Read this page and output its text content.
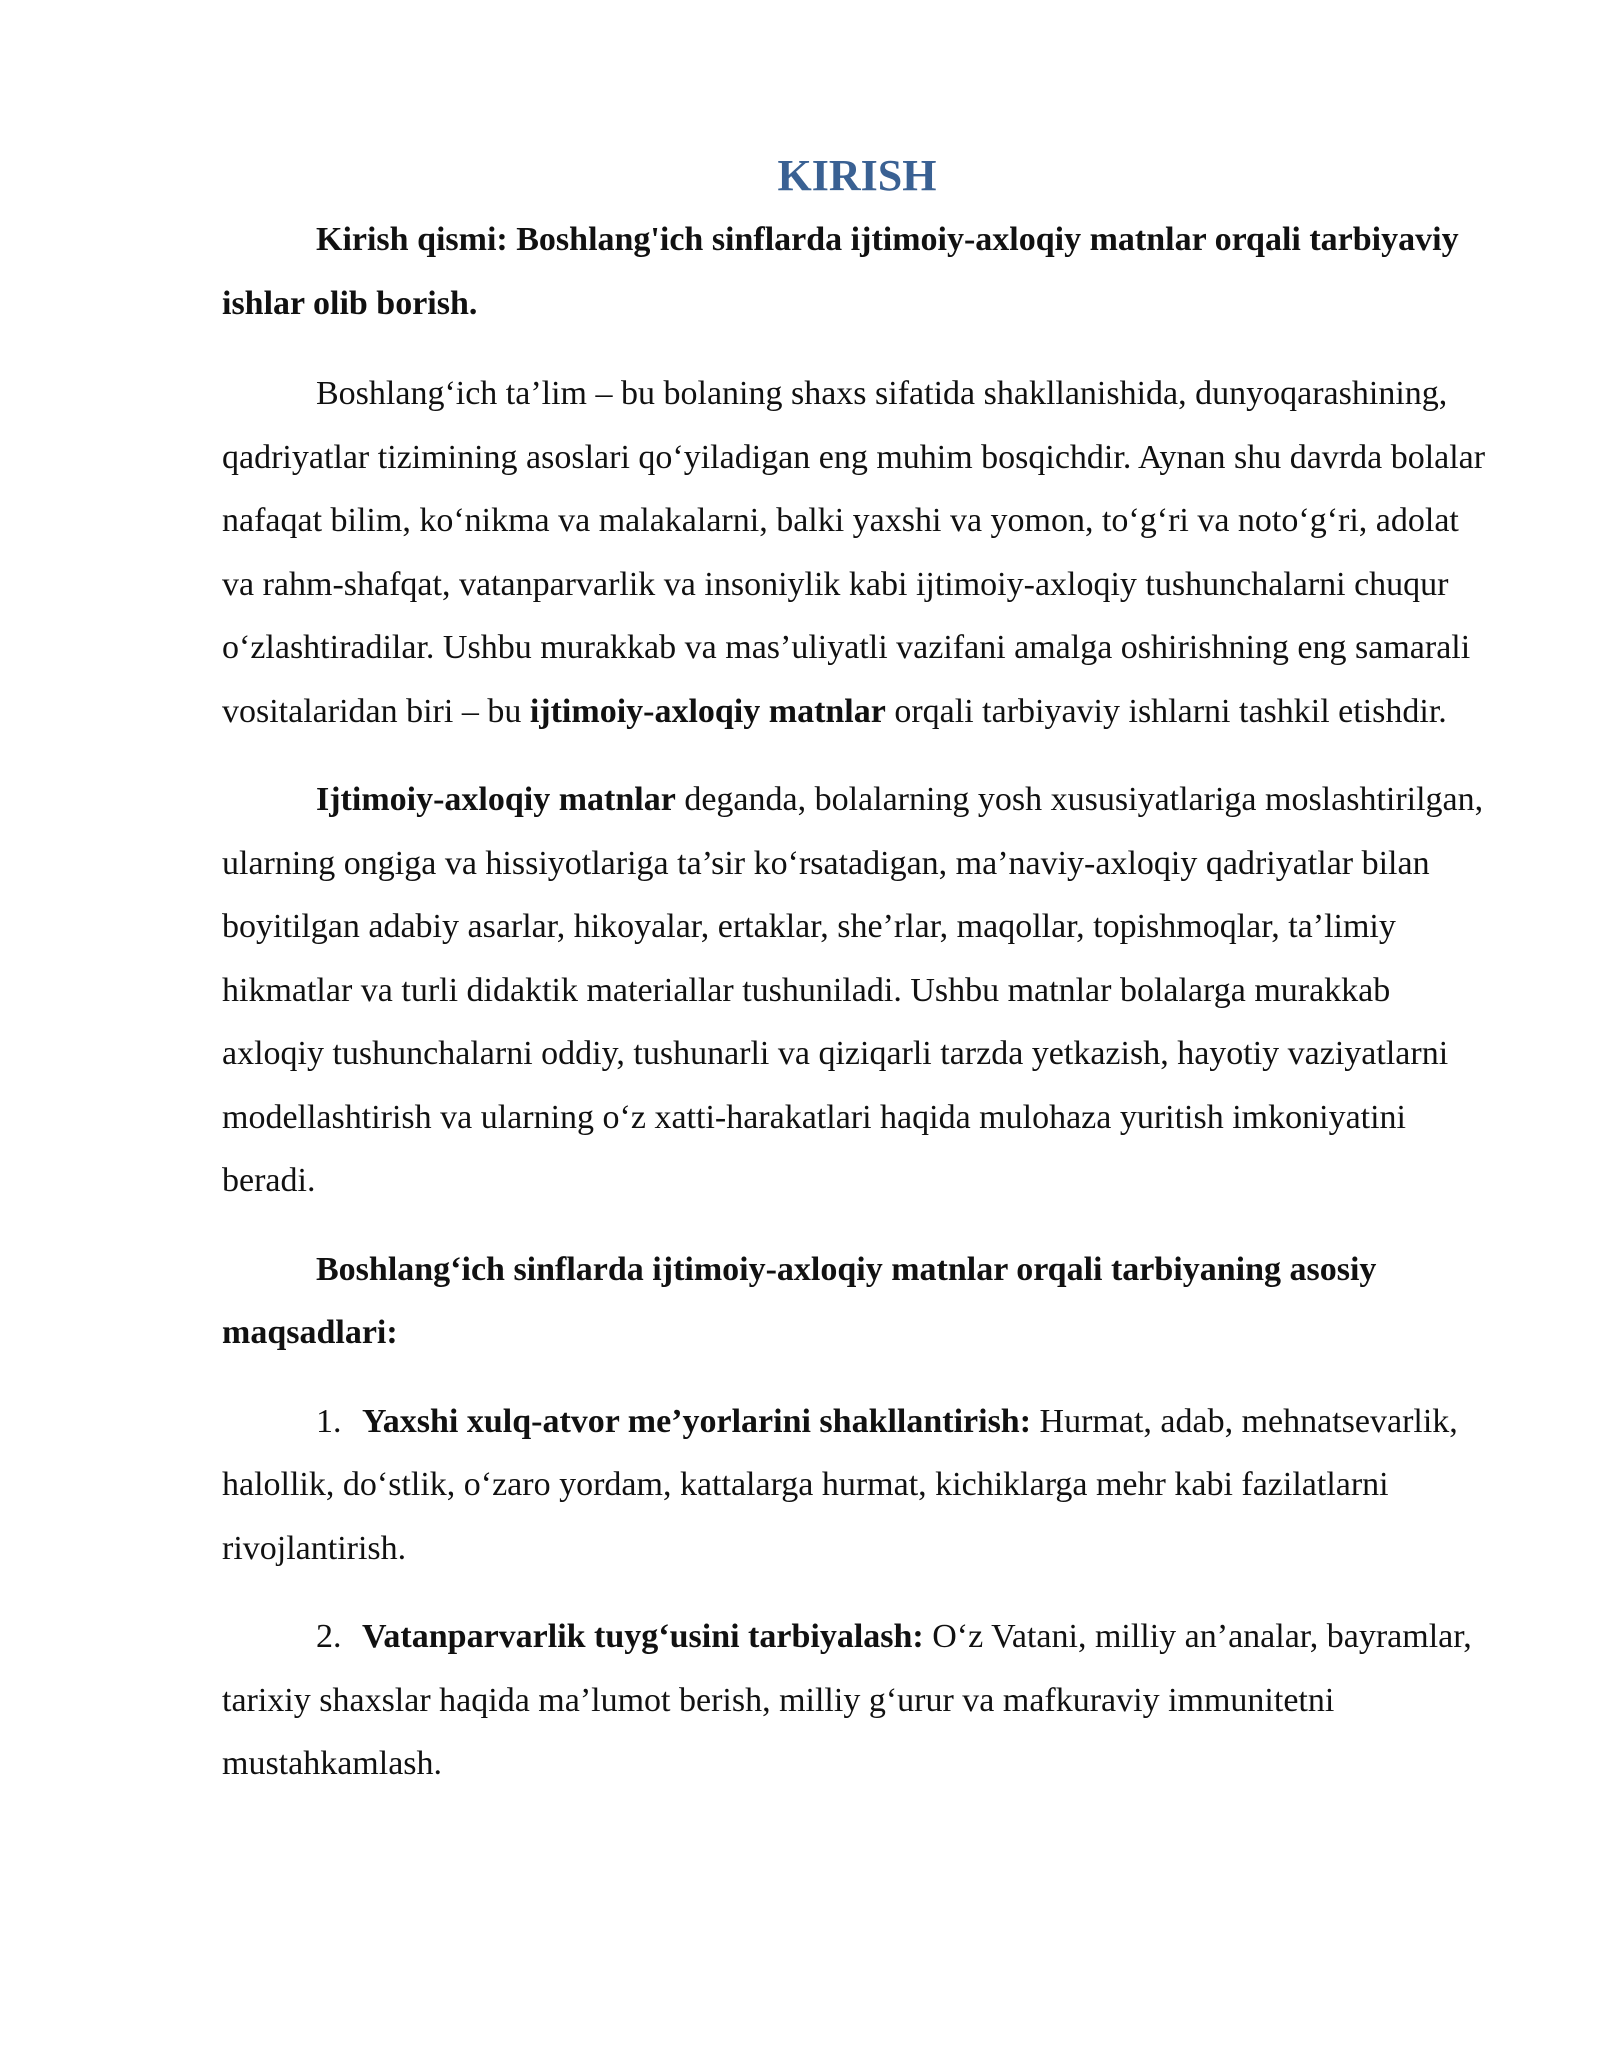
KIRISH

Kirish qismi: Boshlang'ich sinflarda ijtimoiy-axloqiy matnlar orqali tarbiyaviy ishlar olib borish.

Boshlang‘ich ta’lim – bu bolaning shaxs sifatida shakllanishida, dunyoqarashining, qadriyatlar tizimining asoslari qo‘yiladigan eng muhim bosqichdir. Aynan shu davrda bolalar nafaqat bilim, ko‘nikma va malakalarni, balki yaxshi va yomon, to‘g‘ri va noto‘g‘ri, adolat va rahm-shafqat, vatanparvarlik va insoniylik kabi ijtimoiy-axloqiy tushunchalarni chuqur o‘zlashtiradilar. Ushbu murakkab va mas’uliyatli vazifani amalga oshirishning eng samarali vositalaridan biri – bu ijtimoiy-axloqiy matnlar orqali tarbiyaviy ishlarni tashkil etishdir.

Ijtimoiy-axloqiy matnlar deganda, bolalarning yosh xususiyatlariga moslashtirilgan, ularning ongiga va hissiyotlariga ta’sir ko‘rsatadigan, ma’naviy-axloqiy qadriyatlar bilan boyitilgan adabiy asarlar, hikoyalar, ertaklar, she’rlar, maqollar, topishmoqlar, ta’limiy hikmatlar va turli didaktik materiallar tushuniladi. Ushbu matnlar bolalarga murakkab axloqiy tushunchalarni oddiy, tushunarli va qiziqarli tarzda yetkazish, hayotiy vaziyatlarni modellashtirish va ularning o‘z xatti-harakatlari haqida mulohaza yuritish imkoniyatini beradi.

Boshlang‘ich sinflarda ijtimoiy-axloqiy matnlar orqali tarbiyaning asosiy maqsadlari:

1. Yaxshi xulq-atvor me’yorlarini shakllantirish: Hurmat, adab, mehnatsevarlik, halollik, do‘stlik, o‘zaro yordam, kattalarga hurmat, kichiklarga mehr kabi fazilatlarni rivojlantirish.

2. Vatanparvarlik tuyg‘usini tarbiyalash: O‘z Vatani, milliy an’analar, bayramlar, tarixiy shaxslar haqida ma’lumot berish, milliy g‘urur va mafkuraviy immunitetni mustahkamlash.
